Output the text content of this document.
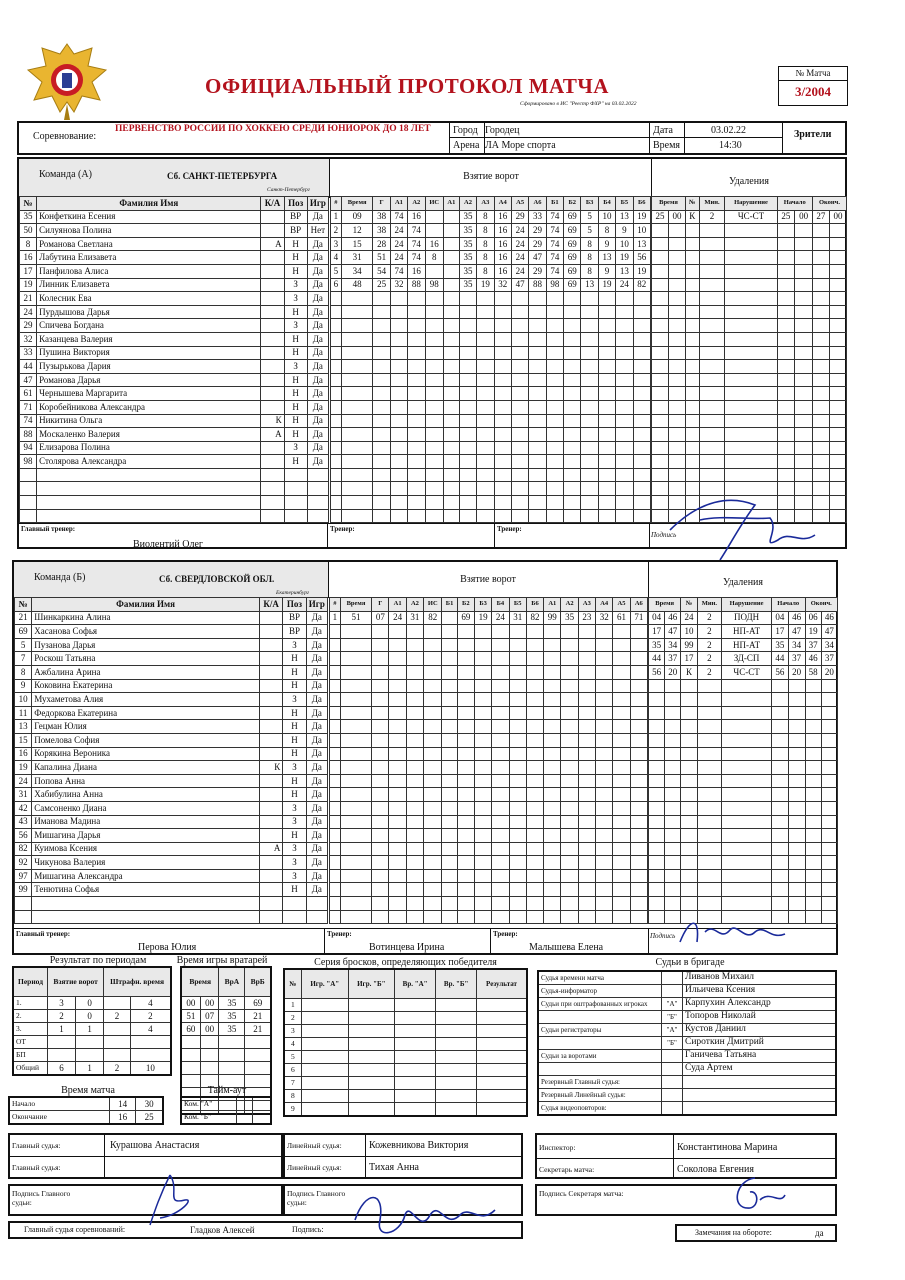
ОФИЦИАЛЬНЫЙ ПРОТОКОЛ МАТЧА
Сформировано в ИС "Реестр ФХР" на 03.02.2022
№ Матча
3/2004
Соревнование:
ПЕРВЕНСТВО РОССИИ ПО ХОККЕЮ СРЕДИ ЮНИОРОК ДО 18 ЛЕТ	Город Городец
Арена ЛА Море спорта
Дата	03.02.22
Время	14:30
Зрители
Команда (А)	Сб. САНКТ-ПЕТЕРБУРГА
Санкт-Петербург
Взятие ворот	Удаления
№	Фамилия Имя	К/А	Поз	Игр
35	Конфеткина Есения		ВР	Да
50	Силуянова Полина		ВР	Нет
8	Романова Светлана	А	Н	Да
16	Лабутина Елизавета		Н	Да
17	Панфилова Алиса		Н	Да
19	Линник Елизавета		З	Да
21	Колесник Ева		З	Да
24	Пурдышова Дарья		Н	Да
29	Спичева Богдана		З	Да
32	Казанцева Валерия		Н	Да
33	Пушина Виктория		Н	Да
44	Пузырькова Дария		З	Да
47	Романова Дарья		Н	Да
61	Чернышева Маргарита		Н	Да
71	Коробейникова Александра		Н	Да
74	Никитина Ольга	К	Н	Да
88	Москаленко Валерия	А	Н	Да
94	Елизарова Полина		З	Да
98	Столярова Александра		Н	Да

#	Время	Г	А1	А2	ИС	А1	А2	А3	А4	А5	А6	Б1	Б2	Б3	Б4	Б5	Б6
1	09	38	74	16			35	8	16	29	33	74	69	5	10	13	19
2	12	38	24	74			35	8	16	24	29	74	69	5	8	9	10
3	15	28	24	74	16		35	8	16	24	29	74	69	8	9	10	13
4	31	51	24	74	8		35	8	16	24	47	74	69	8	13	19	56
5	34	54	74	16			35	8	16	24	29	74	69	8	9	13	19
6	48	25	32	88	98		35	19	32	47	88	98	69	13	19	24	82

Время		№	Мин.	Нарушение	Начало		Оконч.	
25	00	К	2	ЧС-СТ	25	00	27	00

Главный тренер:
Виолентий Олег
Тренер:	Тренер:
Подпись
Команда (Б)	Сб. СВЕРДЛОВСКОЙ ОБЛ.
Екатеринбург
Взятие ворот	Удаления
№	Фамилия Имя	К/А	Поз	Игр
21	Шинкаркина Алина		ВР	Да
69	Хасанова Софья		ВР	Да
5	Пузанова Дарья		З	Да
7	Роскош Татьяна		Н	Да
8	Ажбалина Арина		Н	Да
9	Коковина Екатерина		Н	Да
10	Мухаметова Алия		З	Да
11	Федоркова Екатерина		Н	Да
13	Гецман Юлия		Н	Да
15	Помелова София		Н	Да
16	Корякина Вероника		Н	Да
19	Капалина Диана	К	З	Да
24	Попова Анна		Н	Да
31	Хабибулина Анна		Н	Да
42	Самсоненко Диана		З	Да
43	Иманова Мадина		З	Да
56	Мишагина Дарья		Н	Да
82	Куимова Ксения	А	З	Да
92	Чикунова Валерия		З	Да
97	Мишагина Александра		З	Да
99	Тенютина Софья		Н	Да

#	Время	Г	А1	А2	ИС	Б1	Б2	Б3	Б4	Б5	Б6	А1	А2	А3	А4	А5	А6
1	51	07	24	31	82		69	19	24	31	82	99	35	23	32	61	71

Время		№	Мин.	Нарушение	Начало		Оконч.	
04	46	24	2	ПОДН	04	46	06	46
17	47	10	2	НП-АТ	17	47	19	47
35	34	99	2	НП-АТ	35	34	37	34
44	37	17	2	ЗД-СП	44	37	46	37
56	20	К	2	ЧС-СТ	56	20	58	20

Главный тренер:
Перова Юлия
Тренер:
Вотинцева Ирина
Тренер:
Малышева Елена
Подпись
Результат по периодам
Период	Взятие ворот		Штрафн. время	
1.	3	0		4
2.	2	0	2	2
3.	1	1		4
ОТ				
БП				
Общий	6	1	2	10
Время игры вратарей
Время		ВрА	ВрБ
00	00	35	69
51	07	35	21
60	00	35	21

Время матча
Начало	14	30
Окончание	16	25
Тайм-аут
Ком. "А"		
Ком. "Б"		
Серия бросков, определяющих победителя
№	Игр. "А"	Игр. "Б"	Вр. "А"	Вр. "Б"	Результат
1					
2					
3					
4					
5					
6					
7					
8					
9					
Судьи в бригаде
Судья времени матча		Ливанов Михаил
Судья-информатор		Ильичева Ксения
Судьи при оштрафованных игроках	"А"	Карпухин Александр
	"Б"	Топоров Николай
Судьи регистраторы	"А"	Кустов Даниил
	"Б"	Сироткин Дмитрий
Судьи за воротами		Ганичева Татьяна
		Суда Артем
Резервный Главный судья:		
Резервный Линейный судья:		
Судья видеоповторов:		
Главный судья:	Курашова Анастасия
Главный судья:
Линейный судья:	Кожевникова Виктория
Линейный судья:	Тихая Анна
Инспектор:	Константинова Марина
Секретарь матча:	Соколова Евгения
Подпись Главного судьи:
Подпись Главного судьи:
Подпись Секретаря матча:
Главный судья соревнований:	Гладков Алексей	Подпись:	Замечания на обороте:	да
